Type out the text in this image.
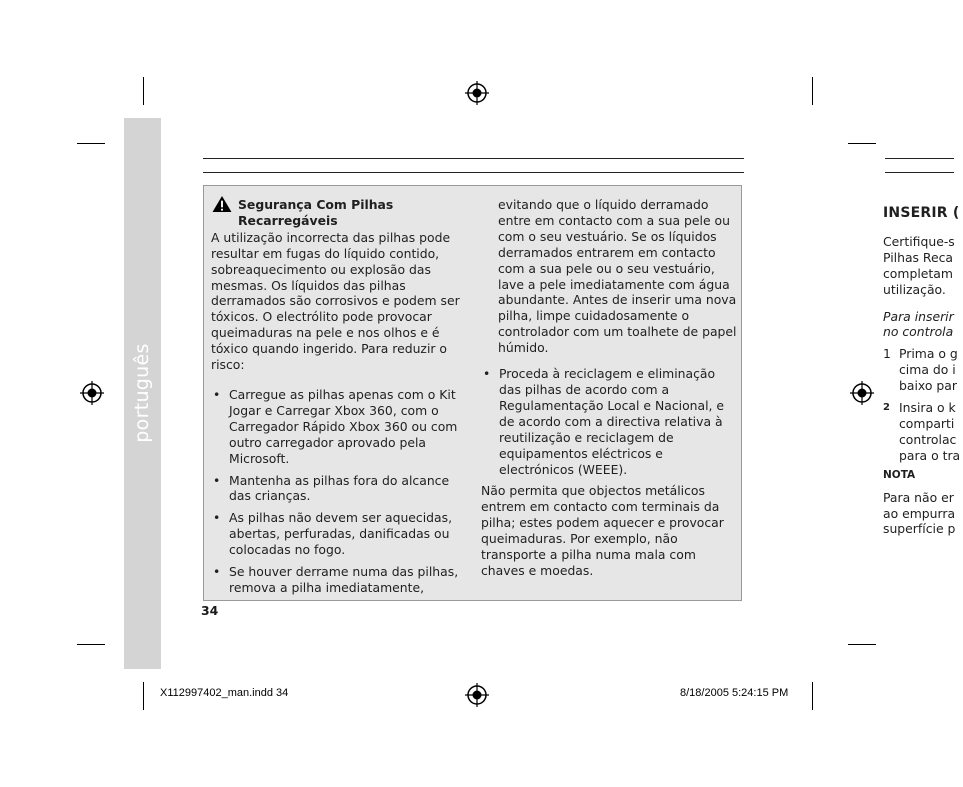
português
Segurança Com Pilhas
Recarregáveis

A utilização incorrecta das pilhas pode resultar em fugas do líquido contido, sobreaquecimento ou explosão das mesmas. Os líquidos das pilhas derramados são corrosivos e podem ser tóxicos. O electrólito pode provocar queimaduras na pele e nos olhos e é tóxico quando ingerido. Para reduzir o risco:

• Carregue as pilhas apenas com o Kit Jogar e Carregar Xbox 360, com o Carregador Rápido Xbox 360 ou com outro carregador aprovado pela Microsoft.
• Mantenha as pilhas fora do alcance das crianças.
• As pilhas não devem ser aquecidas, abertas, perfuradas, danificadas ou colocadas no fogo.
• Se houver derrame numa das pilhas, remova a pilha imediatamente,

evitando que o líquido derramado entre em contacto com a sua pele ou com o seu vestuário. Se os líquidos derramados entrarem em contacto com a sua pele ou o seu vestuário, lave a pele imediatamente com água abundante. Antes de inserir uma nova pilha, limpe cuidadosamente o controlador com um toalhete de papel húmido.

• Proceda à reciclagem e eliminação das pilhas de acordo com a Regulamentação Local e Nacional, e de acordo com a directiva relativa à reutilização e reciclagem de equipamentos eléctricos e electrónicos (WEEE).

Não permita que objectos metálicos entrem em contacto com terminais da pilha; estes podem aquecer e provocar queimaduras. Por exemplo, não transporte a pilha numa mala com chaves e moedas.

34
INSERIR (
Certifique-s
Pilhas Reca
completam
utilização.
Para inserir
no controla
1 Prima o g
cima do i
baixo par
2 Insira o k
comparti
controlac
para o tra
NOTA
Para não er
ao empurra
superfície p
X112997402_man.indd 34	8/18/2005 5:24:15 PM
